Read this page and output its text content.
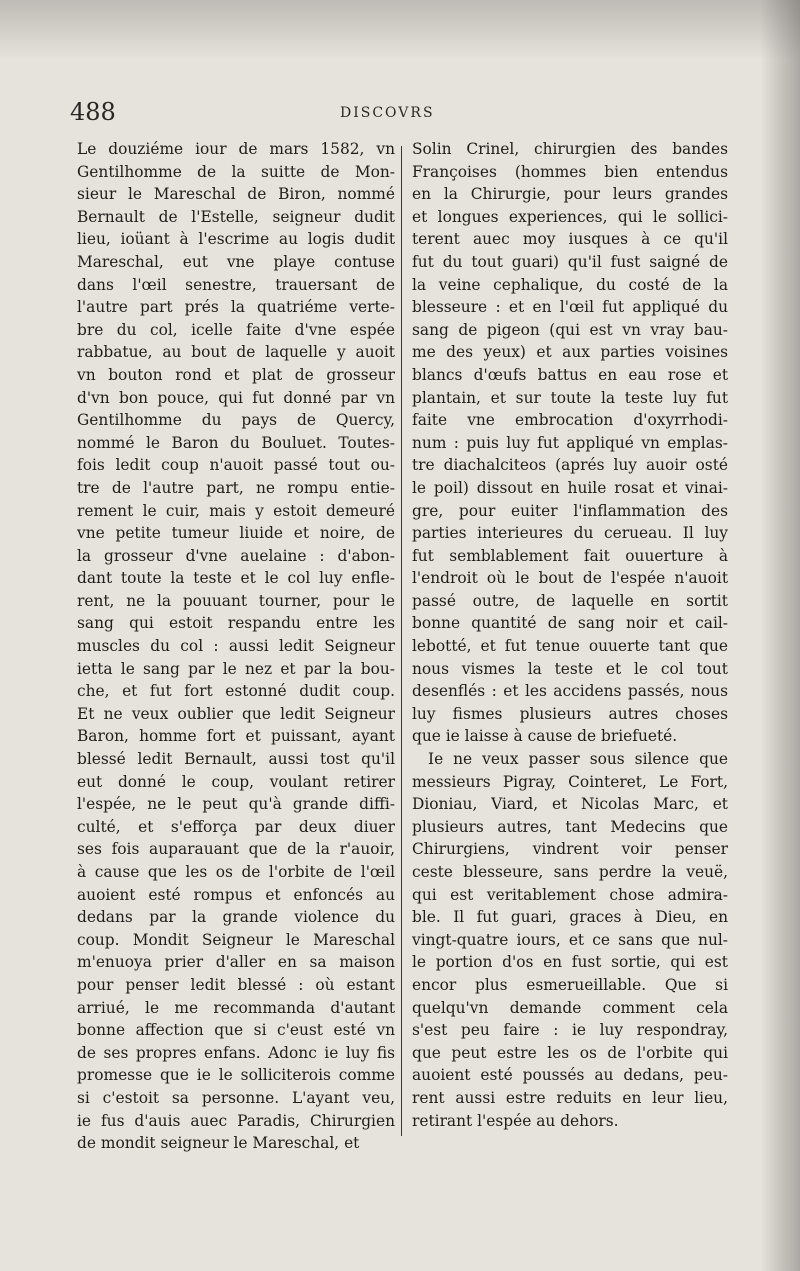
488	DISCOVRS
Le douziéme iour de mars 1582, vn
Gentilhomme de la suitte de Mon-
sieur le Mareschal de Biron, nommé
Bernault de l'Estelle, seigneur dudit
lieu, ioüant à l'escrime au logis dudit
Mareschal, eut vne playe contuse
dans l'œil senestre, trauersant de
l'autre part prés la quatriéme verte-
bre du col, icelle faite d'vne espée
rabbatue, au bout de laquelle y auoit
vn bouton rond et plat de grosseur
d'vn bon pouce, qui fut donné par vn
Gentilhomme du pays de Quercy,
nommé le Baron du Bouluet. Toutes-
fois ledit coup n'auoit passé tout ou-
tre de l'autre part, ne rompu entie-
rement le cuir, mais y estoit demeuré
vne petite tumeur liuide et noire, de
la grosseur d'vne auelaine : d'abon-
dant toute la teste et le col luy enfle-
rent, ne la pouuant tourner, pour le
sang qui estoit respandu entre les
muscles du col : aussi ledit Seigneur
ietta le sang par le nez et par la bou-
che, et fut fort estonné dudit coup.
Et ne veux oublier que ledit Seigneur
Baron, homme fort et puissant, ayant
blessé ledit Bernault, aussi tost qu'il
eut donné le coup, voulant retirer
l'espée, ne le peut qu'à grande diffi-
culté, et s'efforça par deux diuer
ses fois auparauant que de la r'auoir,
à cause que les os de l'orbite de l'œil
auoient esté rompus et enfoncés au
dedans par la grande violence du
coup. Mondit Seigneur le Mareschal
m'enuoya prier d'aller en sa maison
pour penser ledit blessé : où estant
arriué, le me recommanda d'autant
bonne affection que si c'eust esté vn
de ses propres enfans. Adonc ie luy fis
promesse que ie le solliciterois comme
si c'estoit sa personne. L'ayant veu,
ie fus d'auis auec Paradis, Chirurgien
de mondit seigneur le Mareschal, et
Solin Crinel, chirurgien des bandes
Françoises (hommes bien entendus
en la Chirurgie, pour leurs grandes
et longues experiences, qui le sollici-
terent auec moy iusques à ce qu'il
fut du tout guari) qu'il fust saigné de
la veine cephalique, du costé de la
blesseure : et en l'œil fut appliqué du
sang de pigeon (qui est vn vray bau-
me des yeux) et aux parties voisines
blancs d'œufs battus en eau rose et
plantain, et sur toute la teste luy fut
faite vne embrocation d'oxyrrhodi-
num : puis luy fut appliqué vn emplas-
tre diachalciteos (aprés luy auoir osté
le poil) dissout en huile rosat et vinai-
gre, pour euiter l'inflammation des
parties interieures du cerueau. Il luy
fut semblablement fait ouuerture à
l'endroit où le bout de l'espée n'auoit
passé outre, de laquelle en sortit
bonne quantité de sang noir et cail-
lebotté, et fut tenue ouuerte tant que
nous vismes la teste et le col tout
desenflés : et les accidens passés, nous
luy fismes plusieurs autres choses
que ie laisse à cause de briefueté.
Ie ne veux passer sous silence que
messieurs Pigray, Cointeret, Le Fort,
Dioniau, Viard, et Nicolas Marc, et
plusieurs autres, tant Medecins que
Chirurgiens, vindrent voir penser
ceste blesseure, sans perdre la veuë,
qui est veritablement chose admira-
ble. Il fut guari, graces à Dieu, en
vingt-quatre iours, et ce sans que nul-
le portion d'os en fust sortie, qui est
encor plus esmerueillable. Que si
quelqu'vn demande comment cela
s'est peu faire : ie luy respondray,
que peut estre les os de l'orbite qui
auoient esté poussés au dedans, peu-
rent aussi estre reduits en leur lieu,
retirant l'espée au dehors.
